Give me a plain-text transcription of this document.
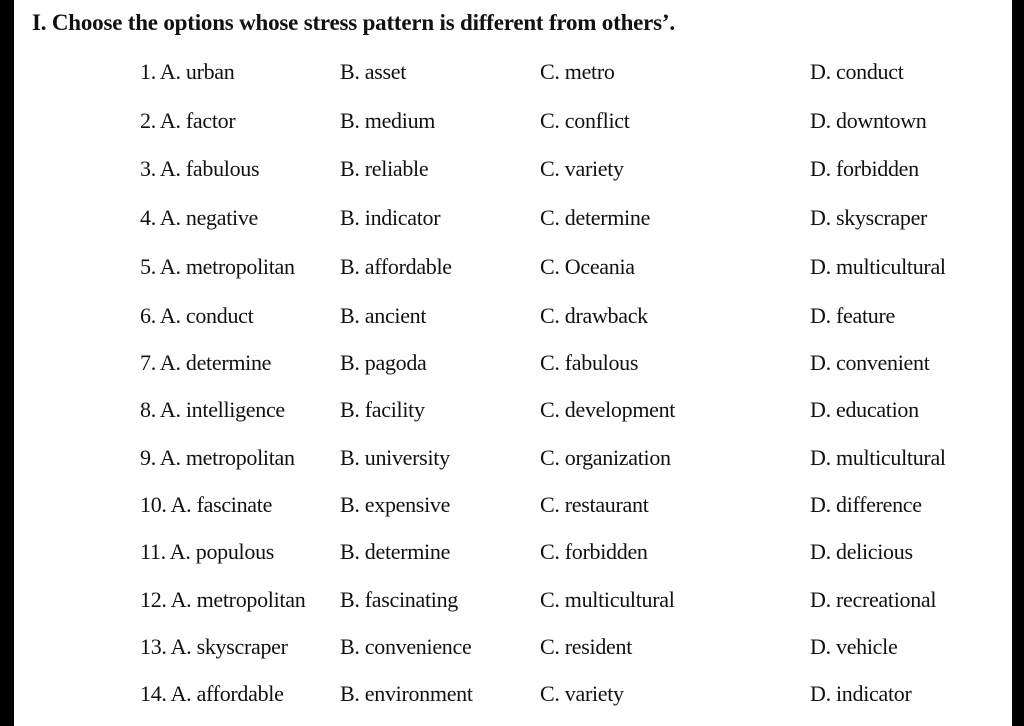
I. Choose the options whose stress pattern is different from others’.
1. A. urban	B. asset	C. metro	D. conduct
2. A. factor	B. medium	C. conflict	D. downtown
3. A. fabulous	B. reliable	C. variety	D. forbidden
4. A. negative	B. indicator	C. determine	D. skyscraper
5. A. metropolitan B. affordable	C. Oceania	D. multicultural
6. A. conduct	B. ancient	C. drawback	D. feature
7. A. determine	B. pagoda	C. fabulous	D. convenient
8. A. intelligence	B. facility	C. development	D. education
9. A. metropolitan B. university	C. organization	D. multicultural
10. A. fascinate	B. expensive	C. restaurant	D. difference
11. A. populous	B. determine	C. forbidden	D. delicious
12. A. metropolitan B. fascinating	C. multicultural	D. recreational
13. A. skyscraper B. convenience	C. resident	D. vehicle
14. A. affordable	B. environment	C. variety	D. indicator
